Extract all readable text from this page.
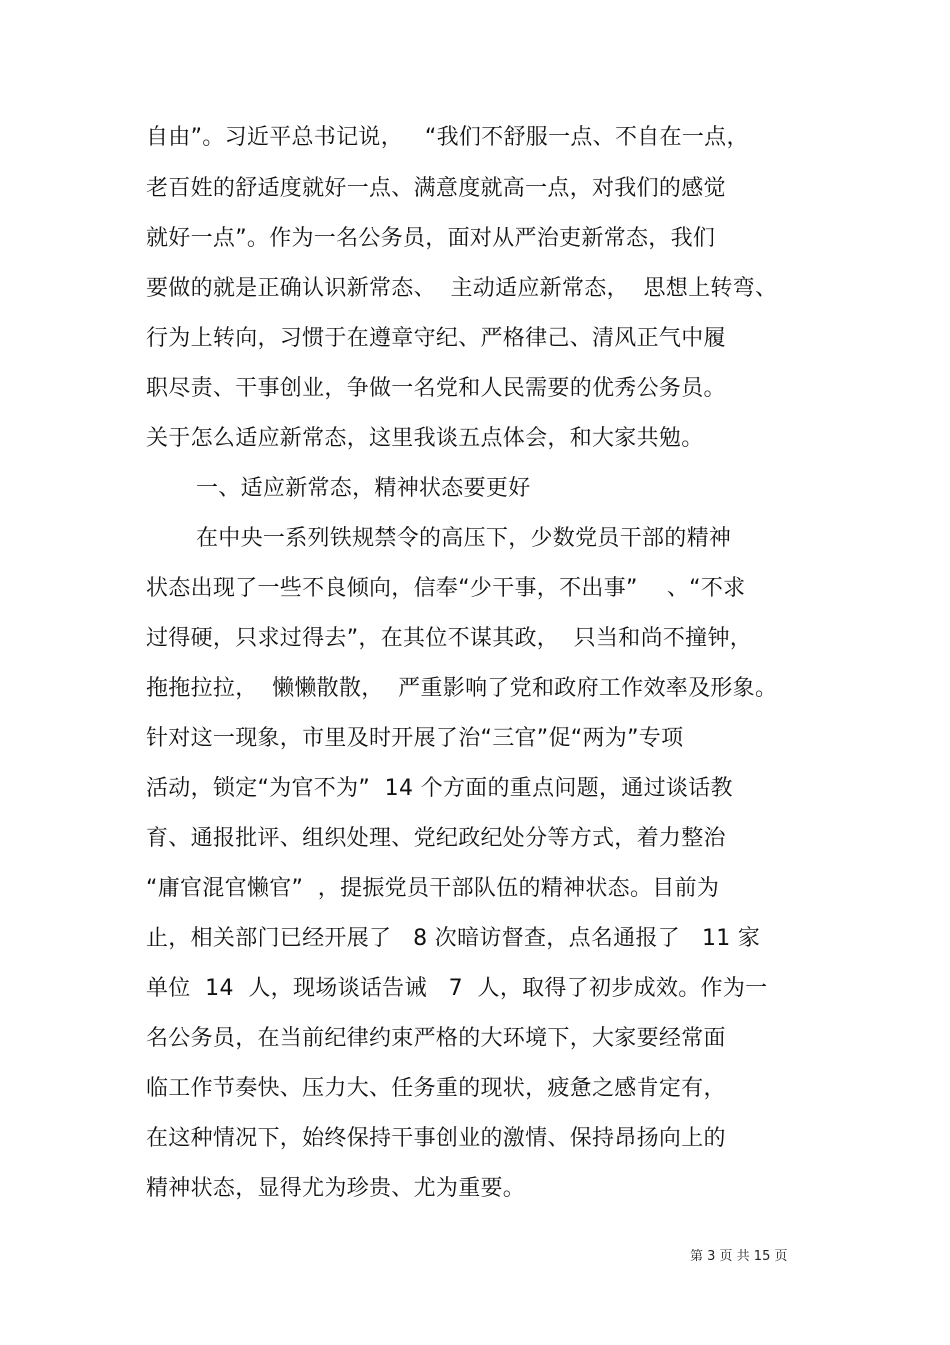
自由”。习近平总书记说，   “我们不舒服一点、不自在一点，
老百姓的舒适度就好一点、满意度就高一点，对我们的感觉
就好一点”。作为一名公务员，面对从严治吏新常态，我们
要做的就是正确认识新常态、  主动适应新常态，  思想上转弯、
行为上转向，习惯于在遵章守纪、严格律己、清风正气中履
职尽责、干事创业，争做一名党和人民需要的优秀公务员。
关于怎么适应新常态，这里我谈五点体会，和大家共勉。
一、适应新常态，精神状态要更好
在中央一系列铁规禁令的高压下，少数党员干部的精神
状态出现了一些不良倾向，信奉“少干事，不出事”    、“不求
过得硬，只求过得去”，在其位不谋其政，  只当和尚不撞钟，
拖拖拉拉，  懒懒散散，  严重影响了党和政府工作效率及形象。
针对这一现象，市里及时开展了治“三官”促“两为”专项
活动，锁定“为官不为”  14 个方面的重点问题，通过谈话教
育、通报批评、组织处理、党纪政纪处分等方式，着力整治
“庸官混官懒官”  ，提振党员干部队伍的精神状态。目前为
止，相关部门已经开展了   8 次暗访督查，点名通报了   11 家
单位  14  人，现场谈话告诫   7  人，取得了初步成效。作为一
名公务员，在当前纪律约束严格的大环境下，大家要经常面
临工作节奏快、压力大、任务重的现状，疲惫之感肯定有，
在这种情况下，始终保持干事创业的激情、保持昂扬向上的
精神状态，显得尤为珍贵、尤为重要。
第 3 页 共 15 页
